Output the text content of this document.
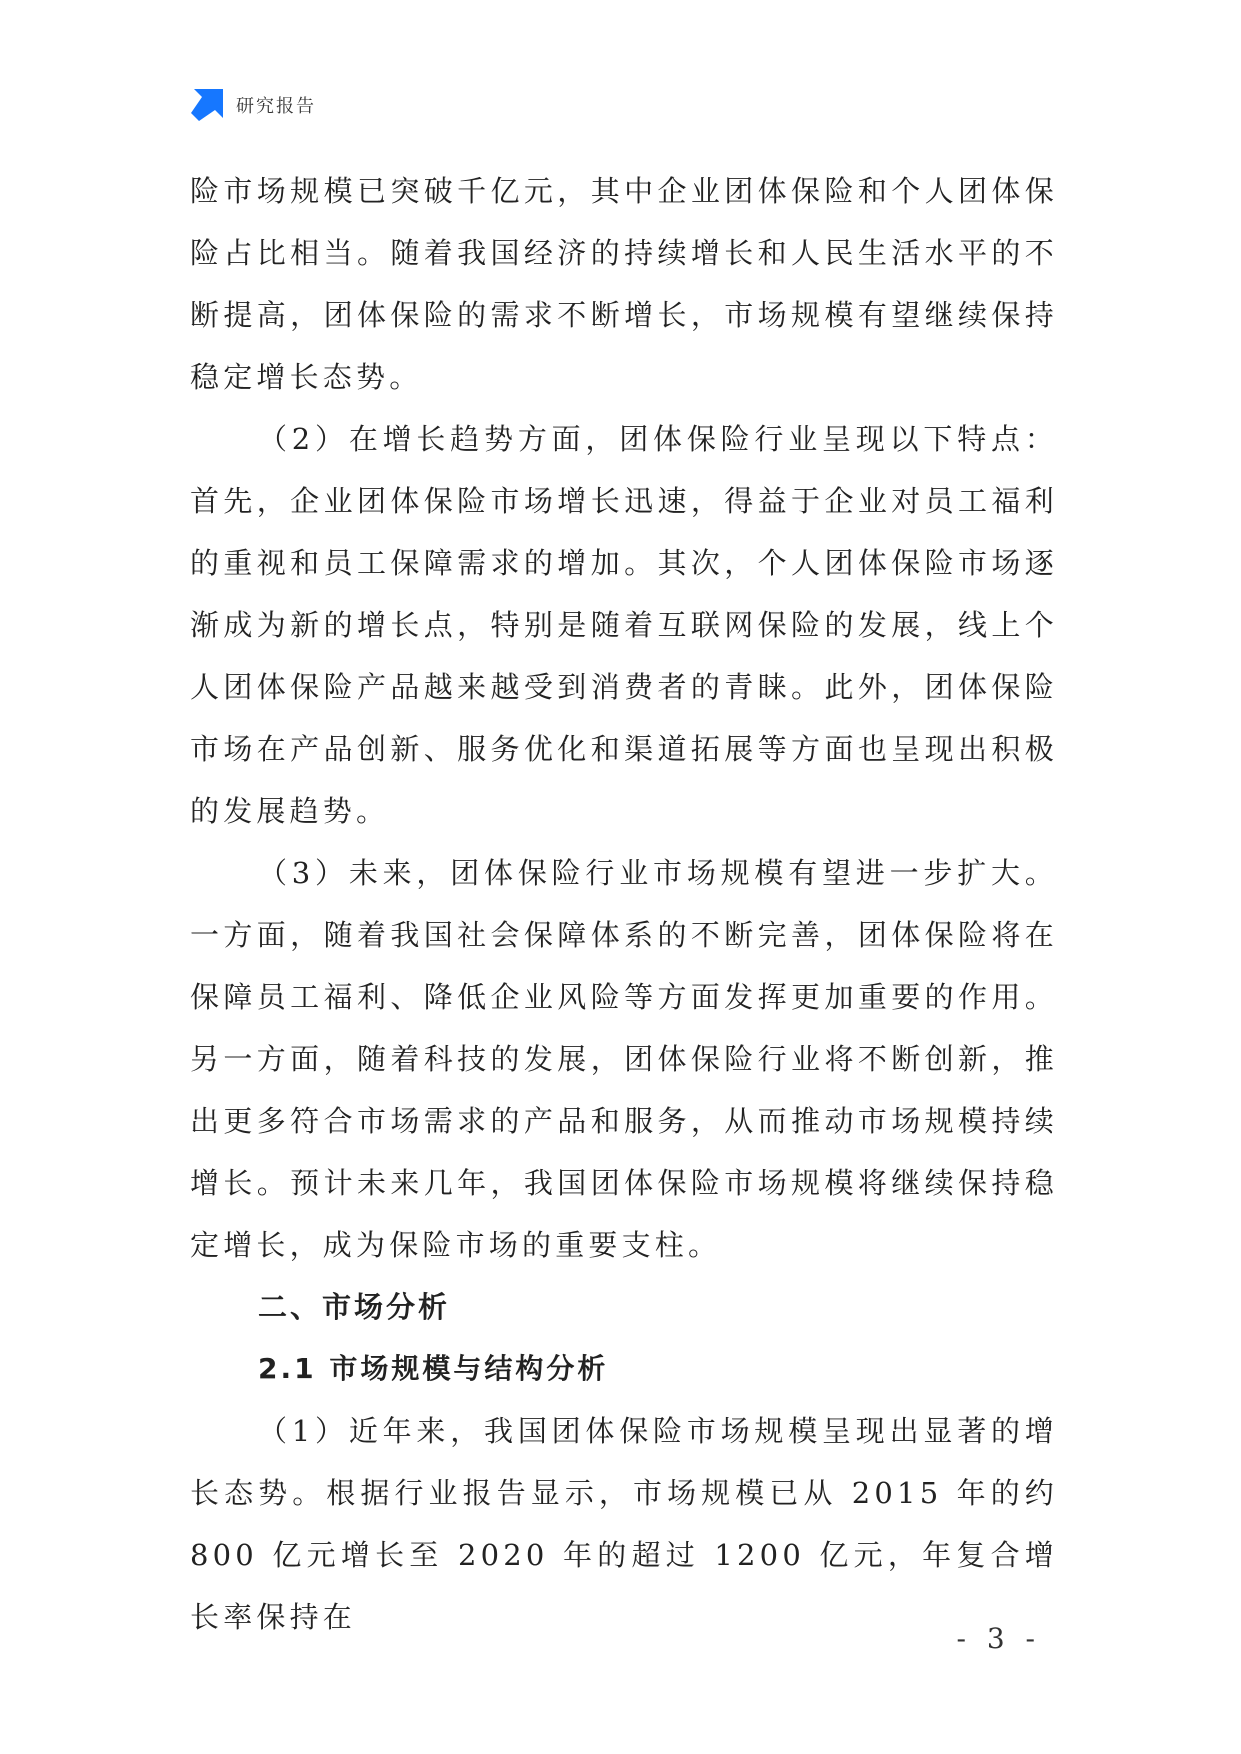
研究报告

险市场规模已突破千亿元，其中企业团体保险和个人团体保险占比相当。随着我国经济的持续增长和人民生活水平的不断提高，团体保险的需求不断增长，市场规模有望继续保持稳定增长态势。

（2）在增长趋势方面，团体保险行业呈现以下特点：首先，企业团体保险市场增长迅速，得益于企业对员工福利的重视和员工保障需求的增加。其次，个人团体保险市场逐渐成为新的增长点，特别是随着互联网保险的发展，线上个人团体保险产品越来越受到消费者的青睐。此外，团体保险市场在产品创新、服务优化和渠道拓展等方面也呈现出积极的发展趋势。

（3）未来，团体保险行业市场规模有望进一步扩大。一方面，随着我国社会保障体系的不断完善，团体保险将在保障员工福利、降低企业风险等方面发挥更加重要的作用。另一方面，随着科技的发展，团体保险行业将不断创新，推出更多符合市场需求的产品和服务，从而推动市场规模持续增长。预计未来几年，我国团体保险市场规模将继续保持稳定增长，成为保险市场的重要支柱。

二、市场分析
2.1 市场规模与结构分析

（1）近年来，我国团体保险市场规模呈现出显著的增长态势。根据行业报告显示，市场规模已从 2015 年的约 800 亿元增长至 2020 年的超过 1200 亿元，年复合增长率保持在

- 3 -
